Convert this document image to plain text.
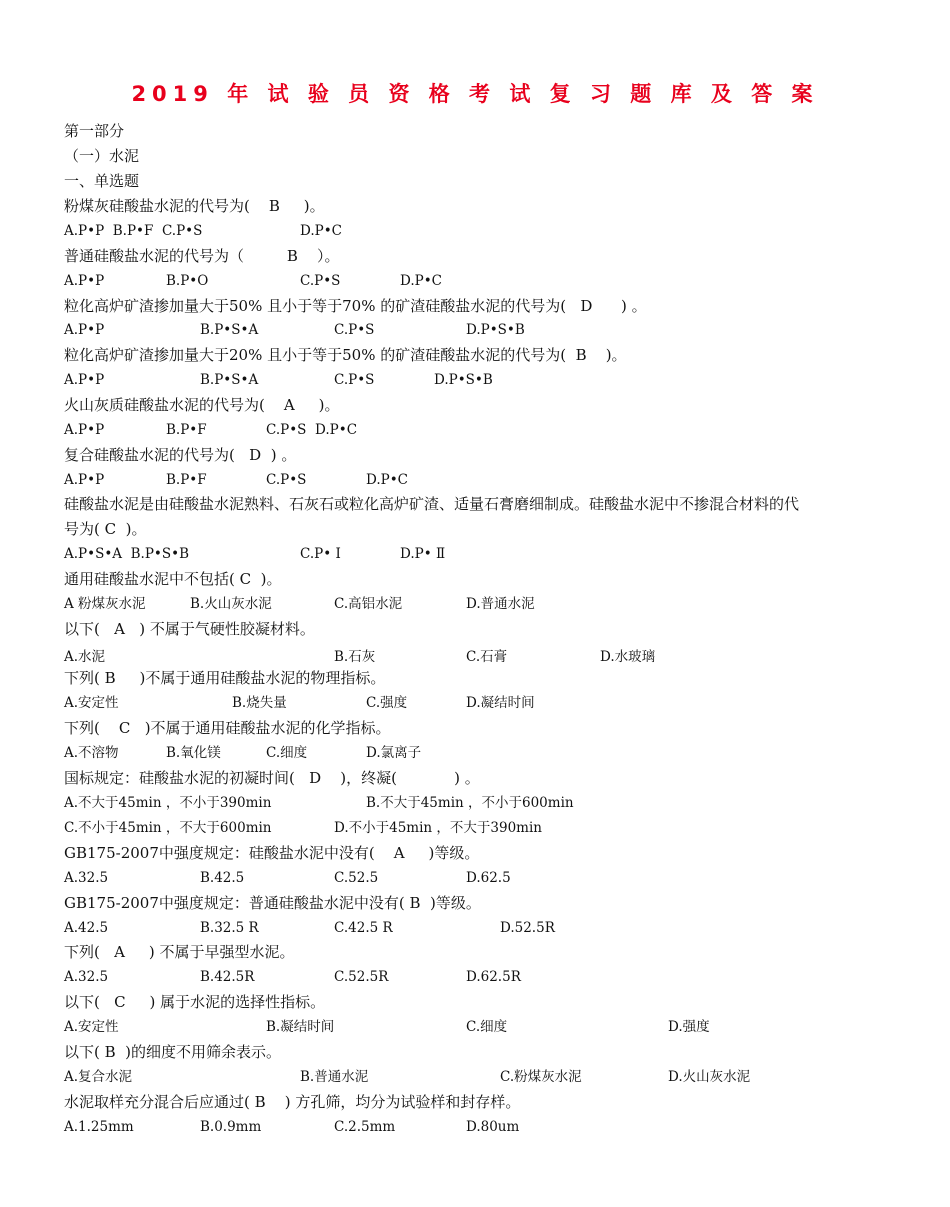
2019 年 试 验 员 资 格 考 试 复 习 题 库 及 答 案
第一部分
（一）水泥
一、单选题
粉煤灰硅酸盐水泥的代号为(    B     )。
A.P•P  B.P•F  C.P•S	D.P•C
普通硅酸盐水泥的代号为（         B    ）。
A.P•P	B.P•O	C.P•S	D.P•C
粒化高炉矿渣掺加量大于50% 且小于等于70% 的矿渣硅酸盐水泥的代号为(   D      ) 。
A.P•P	B.P•S•A	C.P•S	D.P•S•B
粒化高炉矿渣掺加量大于20% 且小于等于50% 的矿渣硅酸盐水泥的代号为(  B    )。
A.P•P	B.P•S•A	C.P•S	D.P•S•B
火山灰质硅酸盐水泥的代号为(    A     )。
A.P•P	B.P•F	C.P•S  D.P•C
复合硅酸盐水泥的代号为(   D  ) 。
A.P•P	B.P•F	C.P•S	D.P•C
硅酸盐水泥是由硅酸盐水泥熟料、石灰石或粒化高炉矿渣、适量石膏磨细制成。硅酸盐水泥中不掺混合材料的代
号为( C  )。
A.P•S•A  B.P•S•B	C.P• Ⅰ	D.P• Ⅱ
通用硅酸盐水泥中不包括( C  )。
A 粉煤灰水泥	B.火山灰水泥	C.高铝水泥	D.普通水泥
以下(   A   ) 不属于气硬性胶凝材料。
A.水泥	B.石灰	C.石膏	D.水玻璃
下列( B     )不属于通用硅酸盐水泥的物理指标。
A.安定性	B.烧失量	C.强度	D.凝结时间
下列(    C   )不属于通用硅酸盐水泥的化学指标。
A.不溶物	B.氧化镁	C.细度	D.氯离子
国标规定：硅酸盐水泥的初凝时间(   D    )，终凝(            ) 。
A.不大于45min ，不小于390min	B.不大于45min ，不小于600min
C.不小于45min ，不大于600min	D.不小于45min ，不大于390min
GB175-2007中强度规定：硅酸盐水泥中没有(    A     )等级。
A.32.5	B.42.5	C.52.5	D.62.5
GB175-2007中强度规定：普通硅酸盐水泥中没有( B  )等级。
A.42.5	B.32.5 R	C.42.5 R	D.52.5R
下列(   A     ) 不属于早强型水泥。
A.32.5	B.42.5R	C.52.5R	D.62.5R
以下(   C     ) 属于水泥的选择性指标。
A.安定性	B.凝结时间	C.细度	D.强度
以下( B  )的细度不用筛余表示。
A.复合水泥	B.普通水泥	C.粉煤灰水泥	D.火山灰水泥
水泥取样充分混合后应通过( B    ) 方孔筛，均分为试验样和封存样。
A.1.25mm	B.0.9mm	C.2.5mm	D.80um
